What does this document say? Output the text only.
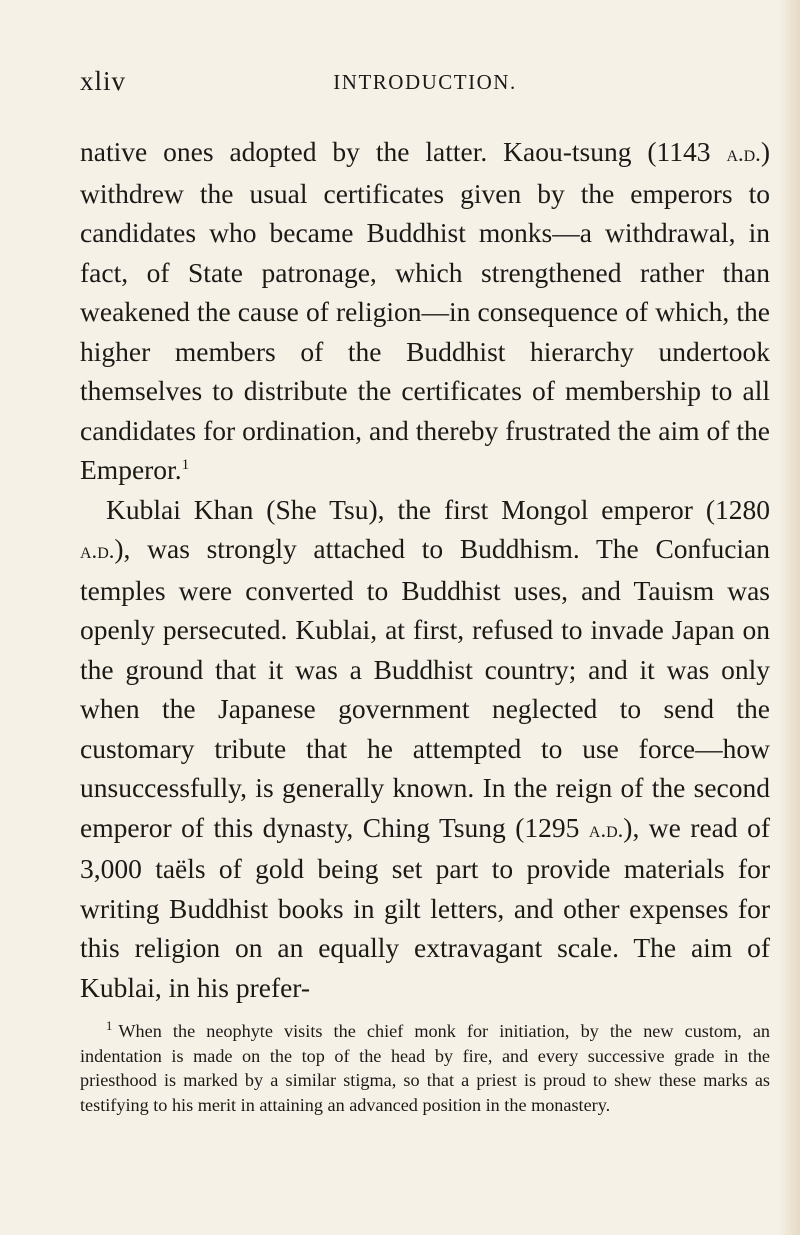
xliv	INTRODUCTION.

native ones adopted by the latter. Kaou-tsung (1143 a.d.) withdrew the usual certificates given by the emperors to candidates who became Buddhist monks—a withdrawal, in fact, of State patronage, which strengthened rather than weakened the cause of religion—in consequence of which, the higher members of the Buddhist hierarchy undertook themselves to distribute the certificates of membership to all candidates for ordination, and thereby frustrated the aim of the Emperor.$^1$

Kublai Khan (She Tsu), the first Mongol emperor (1280 a.d.), was strongly attached to Buddhism. The Confucian temples were converted to Buddhist uses, and Tauism was openly persecuted. Kublai, at first, refused to invade Japan on the ground that it was a Buddhist country; and it was only when the Japanese government neglected to send the customary tribute that he attempted to use force—how unsuccessfully, is generally known. In the reign of the second emperor of this dynasty, Ching Tsung (1295 a.d.), we read of 3,000 taëls of gold being set part to provide materials for writing Buddhist books in gilt letters, and other expenses for this religion on an equally extravagant scale. The aim of Kublai, in his prefer-

$^1$ When the neophyte visits the chief monk for initiation, by the new custom, an indentation is made on the top of the head by fire, and every successive grade in the priesthood is marked by a similar stigma, so that a priest is proud to shew these marks as testifying to his merit in attaining an advanced position in the monastery.
